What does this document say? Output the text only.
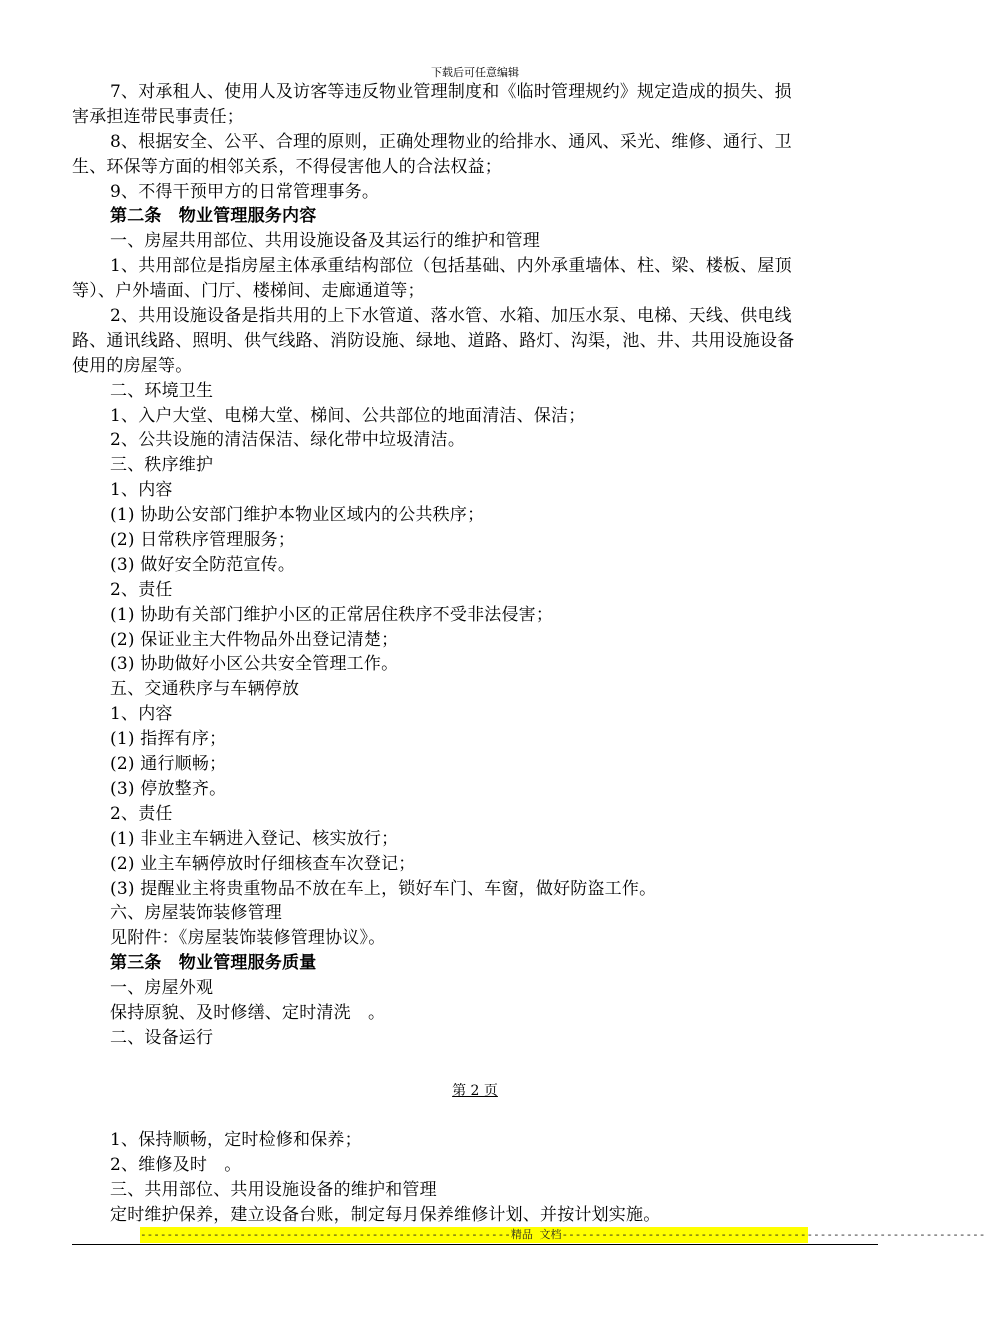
下载后可任意编辑
7、对承租人、使用人及访客等违反物业管理制度和《临时管理规约》规定造成的损失、损
害承担连带民事责任；
8、根据安全、公平、合理的原则，正确处理物业的给排水、通风、采光、维修、通行、卫
生、环保等方面的相邻关系，不得侵害他人的合法权益；
9、不得干预甲方的日常管理事务。
第二条　物业管理服务内容
一、房屋共用部位、共用设施设备及其运行的维护和管理
1、共用部位是指房屋主体承重结构部位（包括基础、内外承重墙体、柱、梁、楼板、屋顶
等）、户外墙面、门厅、楼梯间、走廊通道等；
2、共用设施设备是指共用的上下水管道、落水管、水箱、加压水泵、电梯、天线、供电线
路、通讯线路、照明、供气线路、消防设施、绿地、道路、路灯、沟渠，池、井、共用设施设备
使用的房屋等。
二、环境卫生
1、入户大堂、电梯大堂、梯间、公共部位的地面清洁、保洁；
2、公共设施的清洁保洁、绿化带中垃圾清洁。
三、秩序维护
1、内容
(1) 协助公安部门维护本物业区域内的公共秩序；
(2) 日常秩序管理服务；
(3) 做好安全防范宣传。
2、责任
(1) 协助有关部门维护小区的正常居住秩序不受非法侵害；
(2) 保证业主大件物品外出登记清楚；
(3) 协助做好小区公共安全管理工作。
五、交通秩序与车辆停放
1、内容
(1) 指挥有序；
(2) 通行顺畅；
(3) 停放整齐。
2、责任
(1) 非业主车辆进入登记、核实放行；
(2) 业主车辆停放时仔细核查车次登记；
(3) 提醒业主将贵重物品不放在车上，锁好车门、车窗，做好防盗工作。
六、房屋装饰装修管理
见附件：《房屋装饰装修管理协议》。
第三条　物业管理服务质量
一、房屋外观
保持原貌、及时修缮、定时清洗　。
二、设备运行
第 2 页
1、保持顺畅，定时检修和保养；
2、维修及时　。
三、共用部位、共用设施设备的维护和管理
定时维护保养，建立设备台账，制定每月保养维修计划、并按计划实施。
--------------------------------------------------------精品 文档----------------------------------------------------------------
